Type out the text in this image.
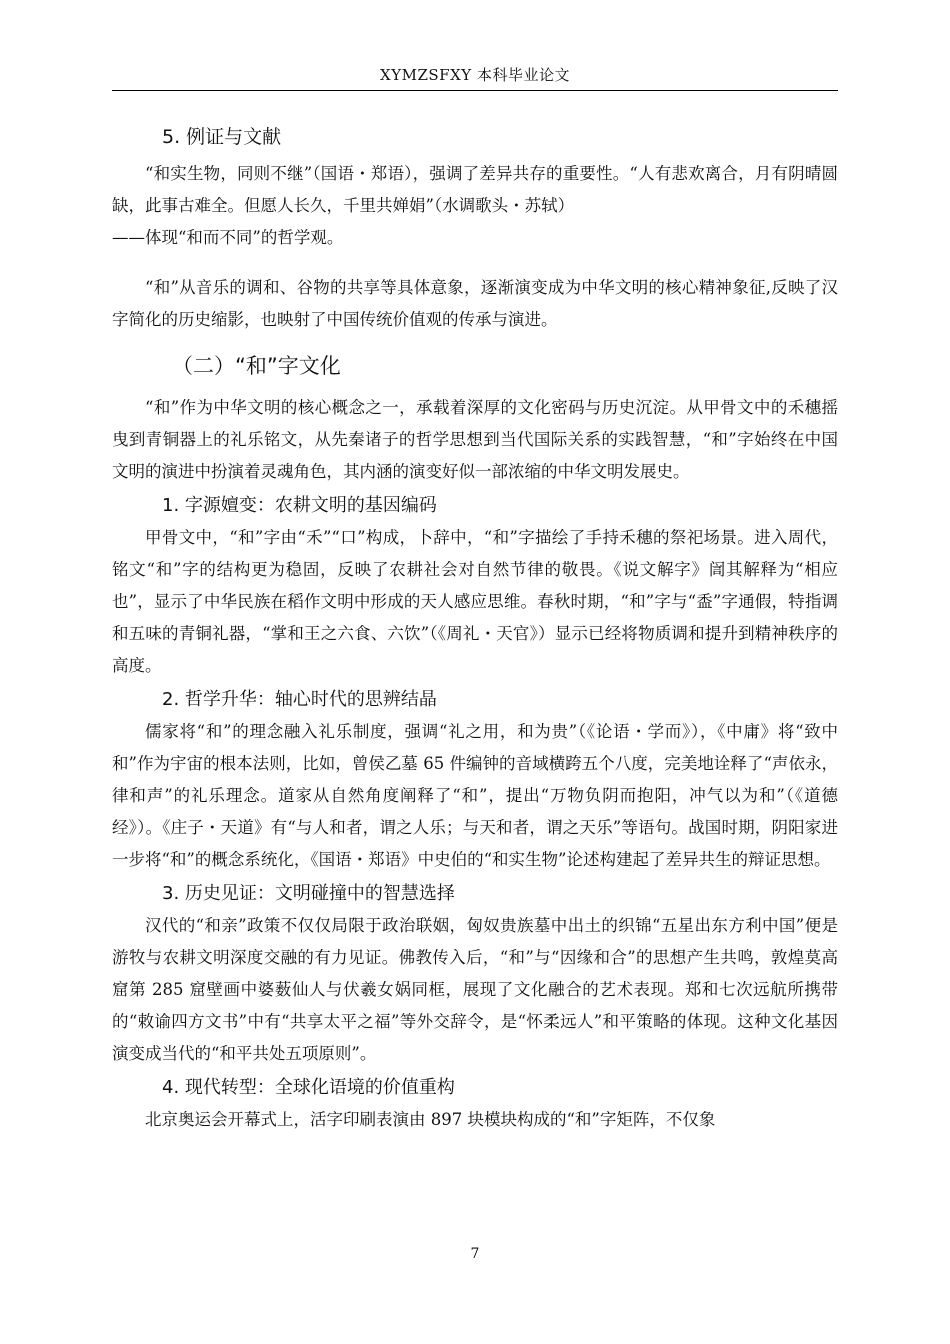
XYMZSFXY 本科毕业论文
5. 例证与文献

“和实生物，同则不继”（国语・郑语），强调了差异共存的重要性。“人有悲欢离合，月有阴晴圆缺，此事古难全。但愿人长久，千里共婵娟”（水调歌头・苏轼）

——体现“和而不同”的哲学观。

“和”从音乐的调和、谷物的共享等具体意象，逐渐演变成为中华文明的核心精神象征,反映了汉字简化的历史缩影，也映射了中国传统价值观的传承与演进。

（二）“和”字文化

“和”作为中华文明的核心概念之一，承载着深厚的文化密码与历史沉淀。从甲骨文中的禾穗摇曳到青铜器上的礼乐铭文，从先秦诸子的哲学思想到当代国际关系的实践智慧，“和”字始终在中国文明的演进中扮演着灵魂角色，其内涵的演变好似一部浓缩的中华文明发展史。

1. 字源嬗变：农耕文明的基因编码

甲骨文中，“和”字由“禾”“口”构成，卜辞中，“和”字描绘了手持禾穗的祭祀场景。进入周代，铭文“和”字的结构更为稳固，反映了农耕社会对自然节律的敬畏。《说文解字》訚其解释为“相应也”，显示了中华民族在稻作文明中形成的天人感应思维。春秋时期，“和”字与“盉”字通假，特指调和五味的青铜礼器，“掌和王之六食、六饮”（《周礼・天官》）显示已经将物质调和提升到精神秩序的高度。

2. 哲学升华：轴心时代的思辨结晶

儒家将“和”的理念融入礼乐制度，强调“礼之用，和为贵”（《论语・学而》），《中庸》将“致中和”作为宇宙的根本法则，比如，曾侯乙墓 65 件编钟的音域横跨五个八度，完美地诠释了“声依永，律和声”的礼乐理念。道家从自然角度阐释了“和”，提出“万物负阴而抱阳，冲气以为和”（《道德经》）。《庄子・天道》有“与人和者，谓之人乐；与天和者，谓之天乐”等语句。战国时期，阴阳家进一步将“和”的概念系统化，《国语・郑语》中史伯的“和实生物”论述构建起了差异共生的辩证思想。

3. 历史见证：文明碰撞中的智慧选择

汉代的“和亲”政策不仅仅局限于政治联姻，匈奴贵族墓中出土的织锦“五星出东方利中国”便是游牧与农耕文明深度交融的有力见证。佛教传入后，“和”与“因缘和合”的思想产生共鸣，敦煌莫高窟第 285 窟壁画中婆薮仙人与伏羲女娲同框，展现了文化融合的艺术表现。郑和七次远航所携带的“敕谕四方文书”中有“共享太平之福”等外交辞令，是“怀柔远人”和平策略的体现。这种文化基因演变成当代的“和平共处五项原则”。

4. 现代转型：全球化语境的价值重构

北京奥运会开幕式上，活字印刷表演由 897 块模块构成的“和”字矩阵，不仅象

7
